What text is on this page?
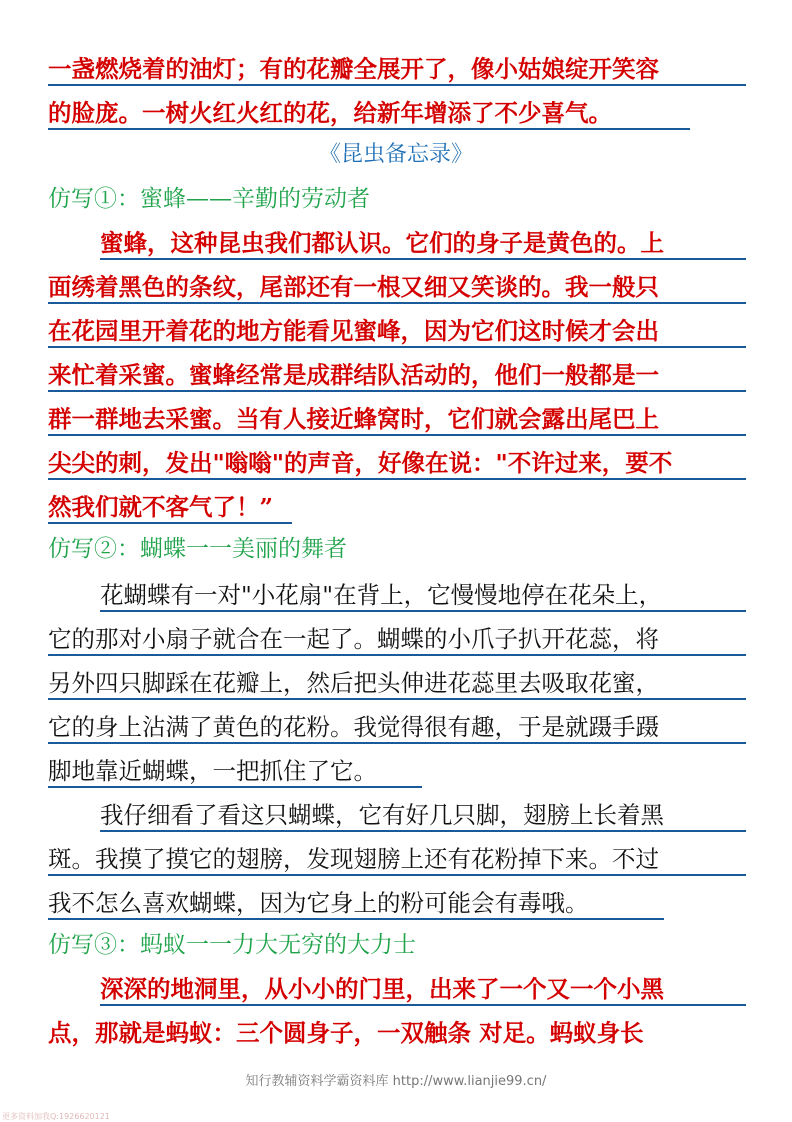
一盏燃烧着的油灯；有的花瓣全展开了，像小姑娘绽开笑容
的脸庞。一树火红火红的花，给新年增添了不少喜气。
《昆虫备忘录》
仿写①：蜜蜂——辛勤的劳动者
蜜蜂，这种昆虫我们都认识。它们的身子是黄色的。上
面绣着黑色的条纹，尾部还有一根又细又笑谈的。我一般只
在花园里开着花的地方能看见蜜峰，因为它们这时候才会出
来忙着采蜜。蜜蜂经常是成群结队活动的，他们一般都是一
群一群地去采蜜。当有人接近蜂窝时，它们就会露出尾巴上
尖尖的刺，发出"嗡嗡"的声音，好像在说："不许过来，要不
然我们就不客气了！”
仿写②：蝴蝶一一美丽的舞者
花蝴蝶有一对"小花扇"在背上，它慢慢地停在花朵上，
它的那对小扇子就合在一起了。蝴蝶的小爪子扒开花蕊，将
另外四只脚踩在花瓣上，然后把头伸进花蕊里去吸取花蜜，
它的身上沾满了黄色的花粉。我觉得很有趣，于是就蹑手蹑
脚地靠近蝴蝶，一把抓住了它。
我仔细看了看这只蝴蝶，它有好几只脚，翅膀上长着黑
斑。我摸了摸它的翅膀，发现翅膀上还有花粉掉下来。不过
我不怎么喜欢蝴蝶，因为它身上的粉可能会有毒哦。
仿写③：蚂蚁一一力大无穷的大力士
深深的地洞里，从小小的门里，出来了一个又一个小黑
点，那就是蚂蚁：三个圆身子，一双触条 对足。蚂蚁身长
知行教辅资料学霸资料库 http://www.lianjie99.cn/
更多资料加我Q:1926620121
